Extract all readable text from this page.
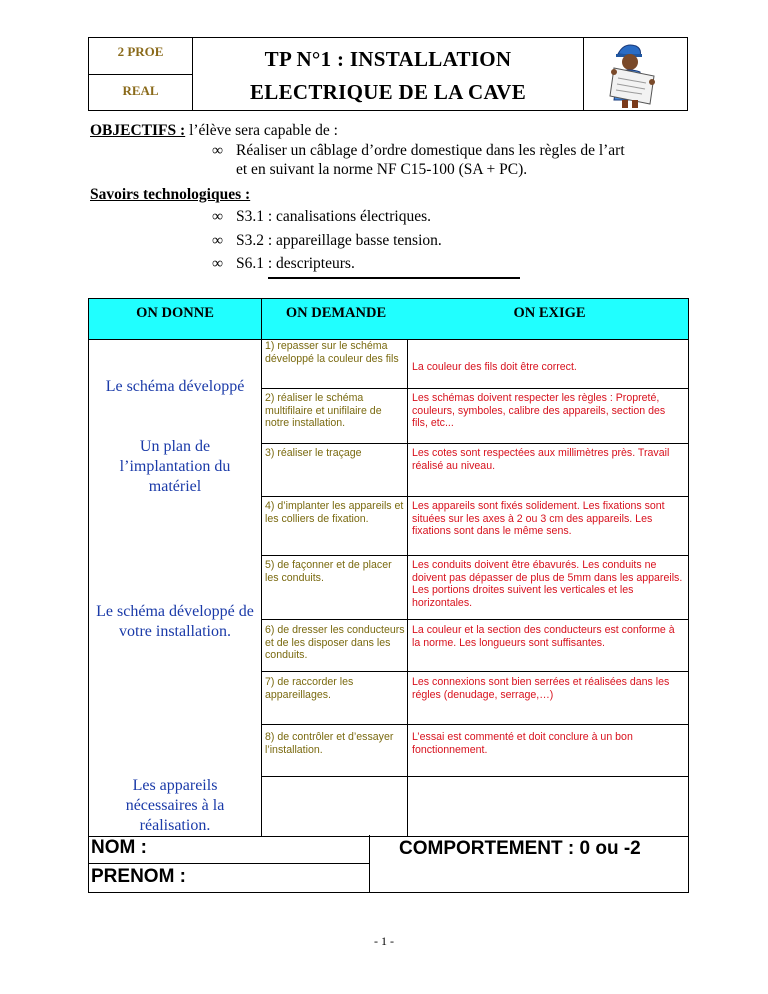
2 PROE
REAL
TP N°1 : INSTALLATION
ELECTRIQUE DE LA CAVE
OBJECTIFS : l’élève sera capable de :
∞ Réaliser un câblage d’ordre domestique dans les règles de l’art
et en suivant la norme NF C15-100 (SA + PC).
Savoirs technologiques :
∞ S3.1 : canalisations électriques.
∞ S3.2 : appareillage basse tension.
∞ S6.1 : descripteurs.
ON DONNE	ON DEMANDE	ON EXIGE
Le schéma développé
Un plan de l’implantation du matériel
Le schéma développé de votre installation.
Les appareils nécessaires à la réalisation.
1) repasser sur le schéma développé la couleur des fils
2) réaliser le schéma multifilaire et unifilaire de notre installation.
3) réaliser le traçage
4) d’implanter les appareils et les colliers de fixation.
5) de façonner et de placer les conduits.
6) de dresser les conducteurs et de les disposer dans les conduits.
7) de raccorder les appareillages.
8) de contrôler et d’essayer l’installation.
La couleur des fils doit être correct.
Les schémas doivent respecter les règles : Propreté, couleurs, symboles, calibre des appareils, section des fils, etc...
Les cotes sont respectées aux millimètres près. Travail réalisé au niveau.
Les appareils sont fixés solidement. Les fixations sont situées sur les axes à 2 ou 3 cm des appareils. Les fixations sont dans le même sens.
Les conduits doivent être ébavurés. Les conduits ne doivent pas dépasser de plus de 5mm dans les appareils. Les portions droites suivent les verticales et les horizontales.
La couleur et la section des conducteurs est conforme à la norme. Les longueurs sont suffisantes.
Les connexions sont bien serrées et réalisées dans les régles (denudage, serrage,…)
L’essai est commenté et doit conclure à un bon fonctionnement.
NOM :
PRENOM :
COMPORTEMENT : 0 ou -2
- 1 -
